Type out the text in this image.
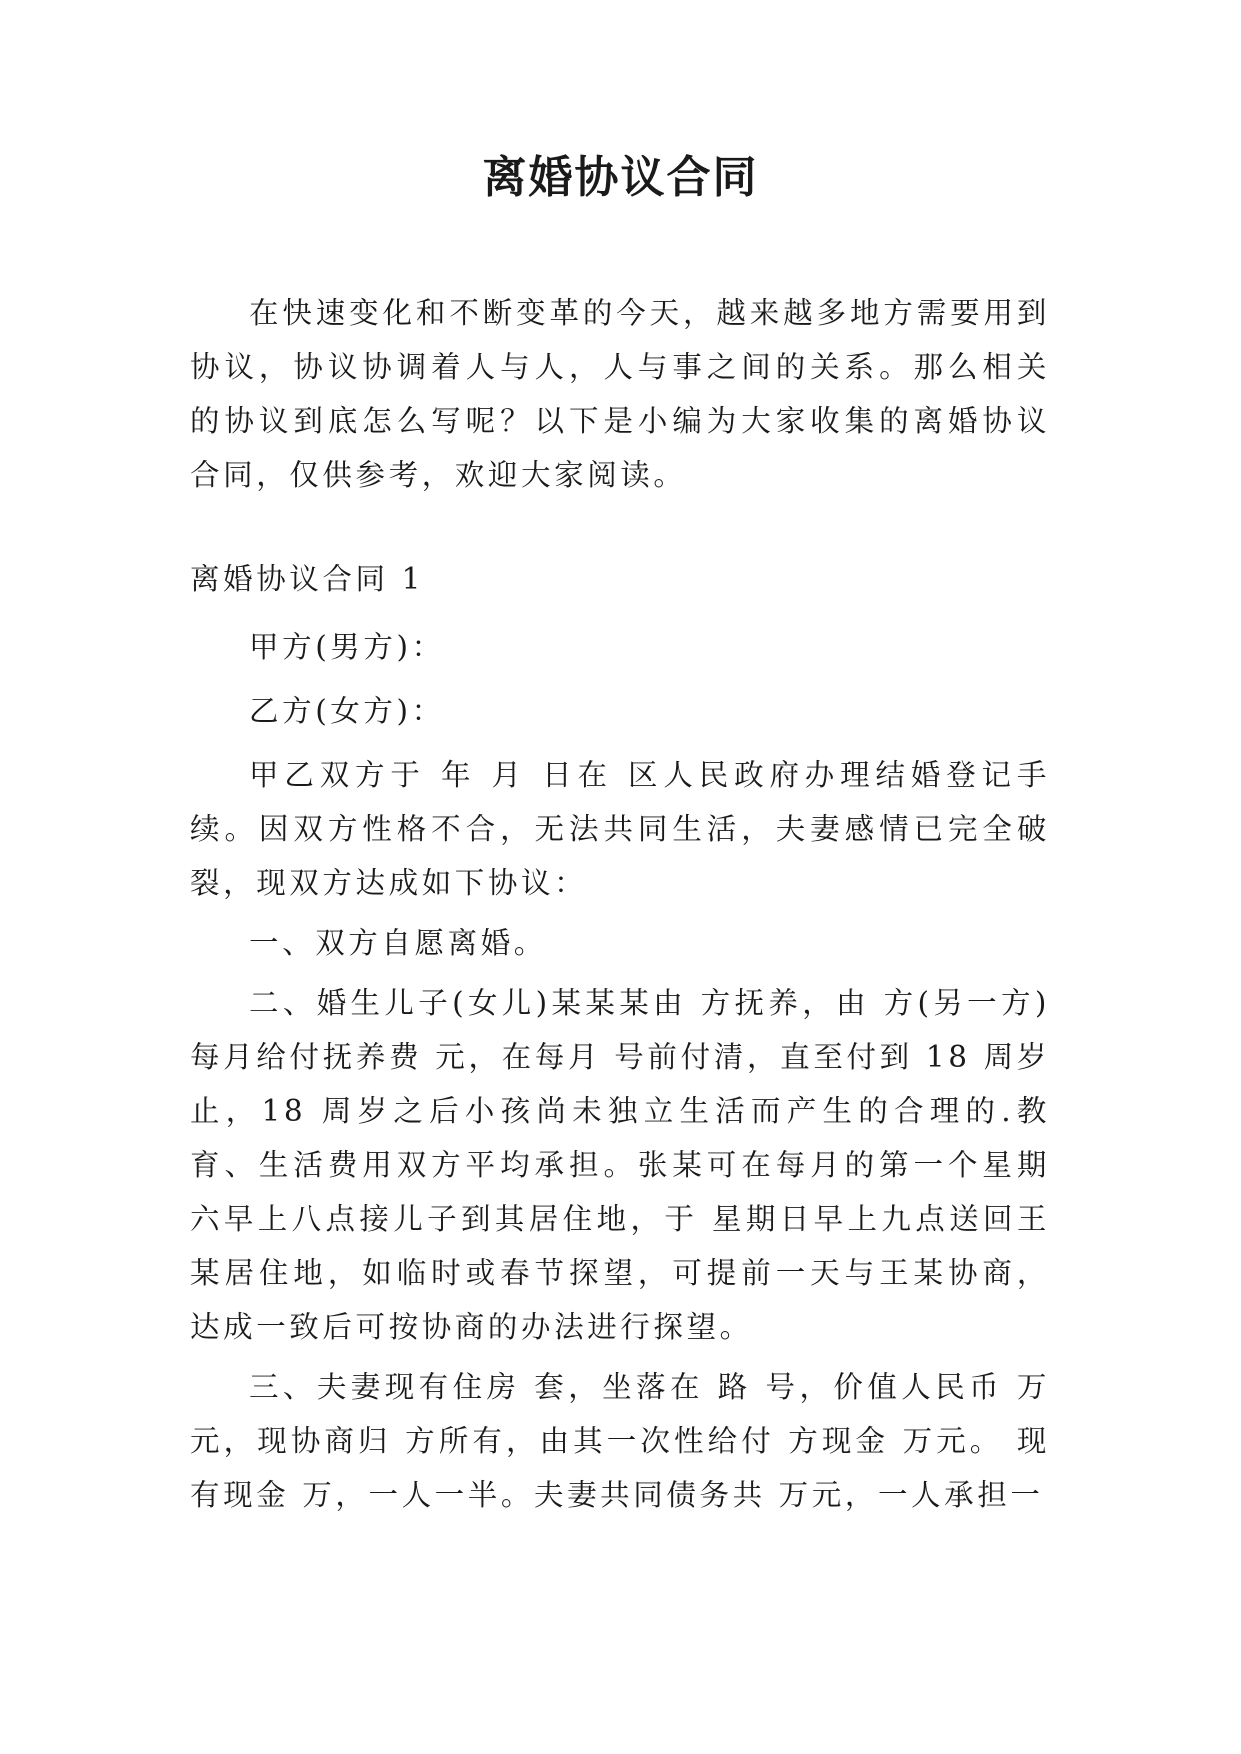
离婚协议合同

在快速变化和不断变革的今天，越来越多地方需要用到协议，协议协调着人与人，人与事之间的关系。那么相关的协议到底怎么写呢？以下是小编为大家收集的离婚协议合同，仅供参考，欢迎大家阅读。

离婚协议合同 1

甲方(男方)：

乙方(女方)：

甲乙双方于 年 月 日在 区人民政府办理结婚登记手续。因双方性格不合，无法共同生活，夫妻感情已完全破裂，现双方达成如下协议：

一、双方自愿离婚。

二、婚生儿子(女儿)某某某由 方抚养，由 方(另一方)每月给付抚养费 元，在每月 号前付清，直至付到 18 周岁止，18 周岁之后小孩尚未独立生活而产生的合理的.教育、生活费用双方平均承担。张某可在每月的第一个星期六早上八点接儿子到其居住地，于 星期日早上九点送回王某居住地，如临时或春节探望，可提前一天与王某协商，达成一致后可按协商的办法进行探望。

三、夫妻现有住房 套，坐落在 路 号，价值人民币 万元，现协商归 方所有，由其一次性给付 方现金 万元。 现有现金 万，一人一半。夫妻共同债务共 万元，一人承担一
